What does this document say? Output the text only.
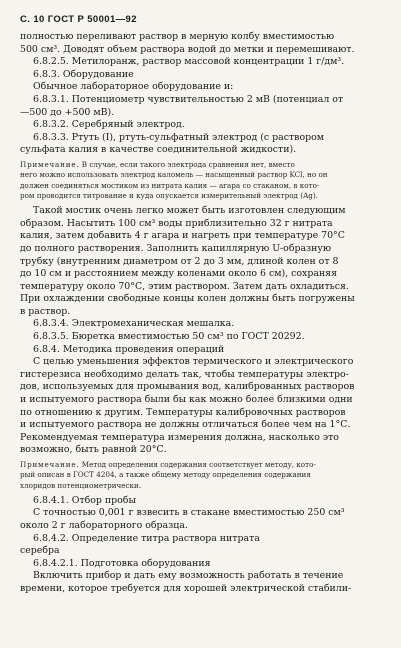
С. 10 ГОСТ Р 50001—92
полностью переливают раствор в мерную колбу вместимостью
500 см³. Доводят объем раствора водой до метки и перемешивают.
6.8.2.5. Метилоранж, раствор массовой концентрации 1 г/дм³.
6.8.3. Оборудование
Обычное лабораторное оборудование и:
6.8.3.1. Потенциометр чувствительностью 2 мВ (потенциал от
—500 до +500 мВ).
6.8.3.2. Серебряный электрод.
6.8.3.3. Ртуть (I), ртуть-сульфатный электрод (с раствором
сульфата калия в качестве соединительной жидкости).
Примечание. В случае, если такого электрода сравнения нет, вместо
него можно использовать электрод каломель — насыщенный раствор KCl, но он
должен соединяться мостиком из нитрата калия — агара со стаканом, в кото-
ром проводится титрование и куда опускается измерительный электрод (Ag).
Такой мостик очень легко может быть изготовлен следующим
образом. Насытить 100 см³ воды приблизительно 32 г нитрата
калия, затем добавить 4 г агара и нагреть при температуре 70°С
до полного растворения. Заполнить капиллярную U-образную
трубку (внутренним диаметром от 2 до 3 мм, длиной колен от 8
до 10 см и расстоянием между коленами около 6 см), сохраняя
температуру около 70°С, этим раствором. Затем дать охладиться.
При охлаждении свободные концы колен должны быть погружены
в раствор.
6.8.3.4. Электромеханическая мешалка.
6.8.3.5. Бюретка вместимостью 50 см³ по ГОСТ 20292.
6.8.4. Методика проведения операций
С целью уменьшения эффектов термического и электрического
гистерезиса необходимо делать так, чтобы температуры электро-
дов, используемых для промывания вод, калиброванных растворов
и испытуемого раствора были бы как можно более близкими одни
по отношению к другим. Температуры калибровочных растворов
и испытуемого раствора не должны отличаться более чем на 1°С.
Рекомендуемая температура измерения должна, насколько это
возможно, быть равной 20°С.
Примечание. Метод определения содержания соответствует методу, кото-
рый описан в ГОСТ 4204, а также общему методу определения содержания
хлоридов потенциометрически.
6.8.4.1. Отбор пробы
С точностью 0,001 г взвесить в стакане вместимостью 250 см³
около 2 г лабораторного образца.
6.8.4.2. Определение титра раствора нитрата
серебра
6.8.4.2.1. Подготовка оборудования
Включить прибор и дать ему возможность работать в течение
времени, которое требуется для хорошей электрической стабили-
